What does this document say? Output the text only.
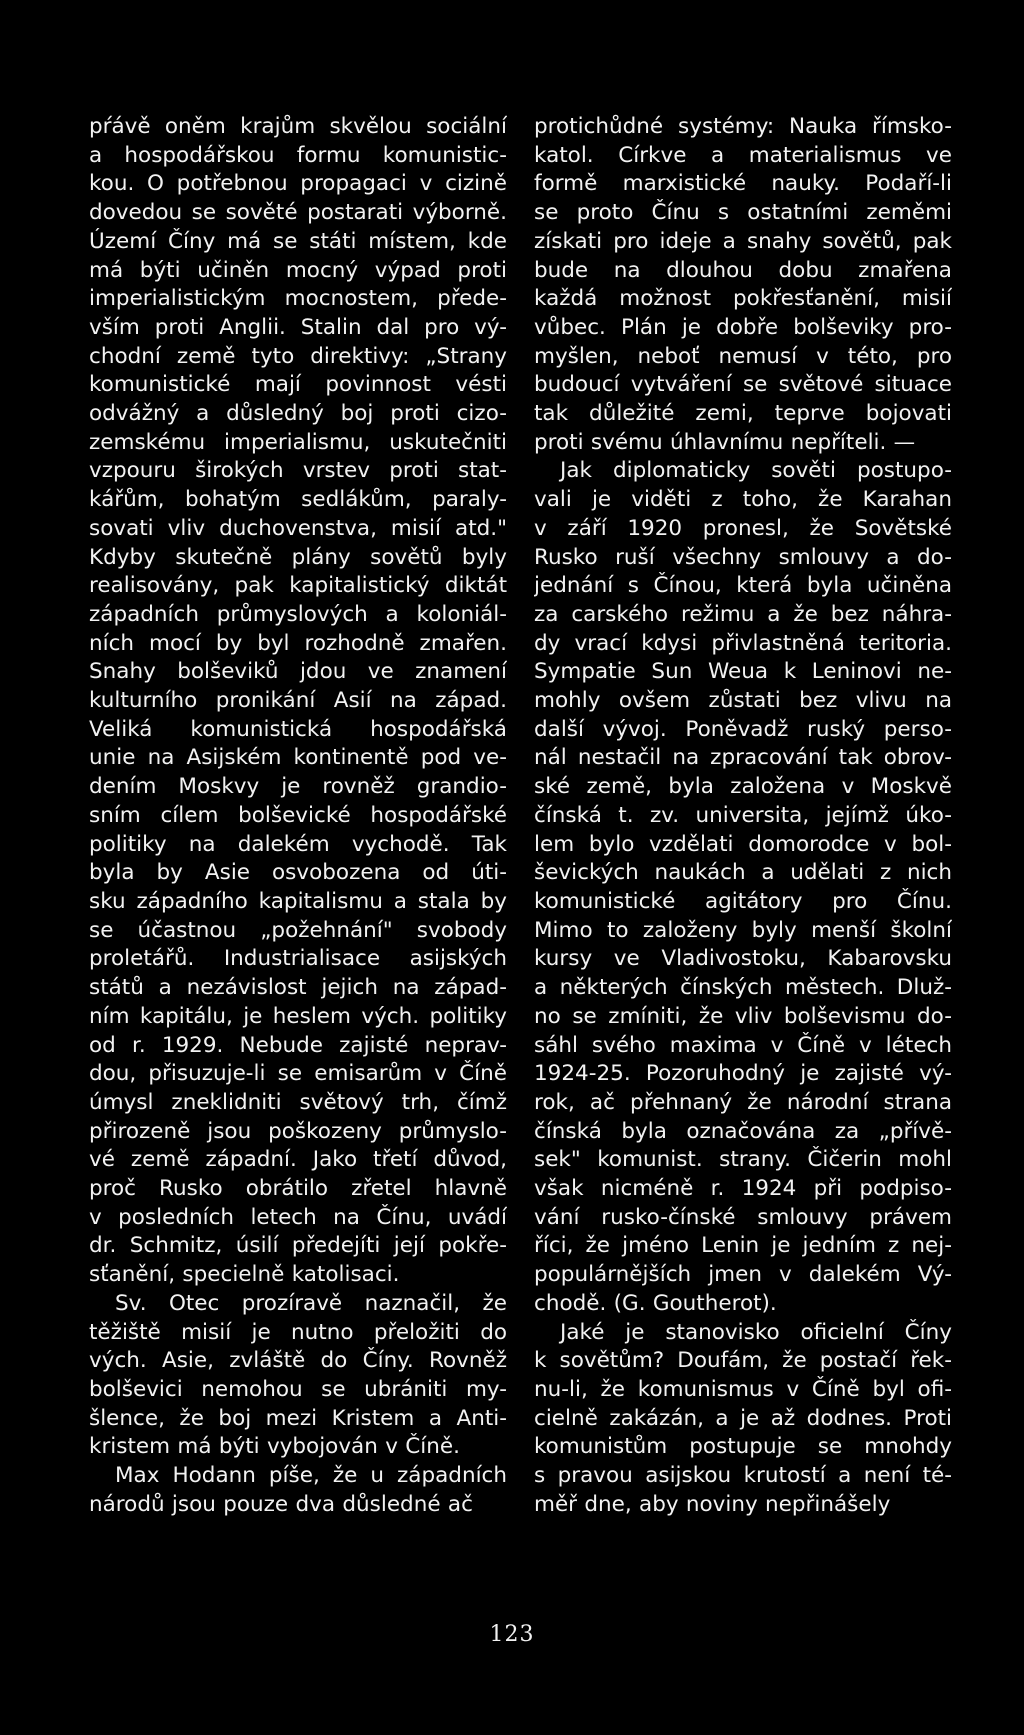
pŕávě oněm krajům skvělou sociální
a hospodářskou formu komunistic-
kou. O potřebnou propagaci v cizině
dovedou se sověté postarati výborně.
Území Číny má se státi místem, kde
má býti učiněn mocný výpad proti
imperialistickým mocnostem, přede-
vším proti Anglii. Stalin dal pro vý-
chodní země tyto direktivy: „Strany
komunistické mají povinnost vésti
odvážný a důsledný boj proti cizo-
zemskému imperialismu, uskutečniti
vzpouru širokých vrstev proti stat-
kářům, bohatým sedlákům, paraly-
sovati vliv duchovenstva, misií atd."
Kdyby skutečně plány sovětů byly
realisovány, pak kapitalistický diktát
západních průmyslových a koloniál-
ních mocí by byl rozhodně zmařen.
Snahy bolševiků jdou ve znamení
kulturního pronikání Asií na západ.
Veliká komunistická hospodářská
unie na Asijském kontinentě pod ve-
dením Moskvy je rovněž grandio-
sním cílem bolševické hospodářské
politiky na dalekém vychodě. Tak
byla by Asie osvobozena od úti-
sku západního kapitalismu a stala by
se účastnou „požehnání" svobody
proletářů. Industrialisace asijských
států a nezávislost jejich na západ-
ním kapitálu, je heslem vých. politiky
od r. 1929. Nebude zajisté neprav-
dou, přisuzuje-li se emisarům v Číně
úmysl zneklidniti světový trh, čímž
přirozeně jsou poškozeny průmyslo-
vé země západní. Jako třetí důvod,
proč Rusko obrátilo zřetel hlavně
v posledních letech na Čínu, uvádí
dr. Schmitz, úsilí předejíti její pokře-
sťanění, specielně katolisaci.
Sv. Otec prozíravě naznačil, že
těžiště misií je nutno přeložiti do
vých. Asie, zvláště do Číny. Rovněž
bolševici nemohou se ubrániti my-
šlence, že boj mezi Kristem a Anti-
kristem má býti vybojován v Číně.
Max Hodann píše, že u západních
národů jsou pouze dva důsledné ač
protichůdné systémy: Nauka římsko-
katol. Církve a materialismus ve
formě marxistické nauky. Podaří-li
se proto Čínu s ostatními zeměmi
získati pro ideje a snahy sovětů, pak
bude na dlouhou dobu zmařena
každá možnost pokřesťanění, misií
vůbec. Plán je dobře bolševiky pro-
myšlen, neboť nemusí v této, pro
budoucí vytváření se světové situace
tak důležité zemi, teprve bojovati
proti svému úhlavnímu nepříteli. —
Jak diplomaticky sověti postupo-
vali je viděti z toho, že Karahan
v září 1920 pronesl, že Sovětské
Rusko ruší všechny smlouvy a do-
jednání s Čínou, která byla učiněna
za carského režimu a že bez náhra-
dy vrací kdysi přivlastněná teritoria.
Sympatie Sun Weua k Leninovi ne-
mohly ovšem zůstati bez vlivu na
další vývoj. Poněvadž ruský perso-
nál nestačil na zpracování tak obrov-
ské země, byla založena v Moskvě
čínská t. zv. universita, jejímž úko-
lem bylo vzdělati domorodce v bol-
ševických naukách a udělati z nich
komunistické agitátory pro Čínu.
Mimo to založeny byly menší školní
kursy ve Vladivostoku, Kabarovsku
a některých čínských městech. Dluž-
no se zmíniti, že vliv bolševismu do-
sáhl svého maxima v Číně v létech
1924-25. Pozoruhodný je zajisté vý-
rok, ač přehnaný že národní strana
čínská byla označována za „přívě-
sek" komunist. strany. Čičerin mohl
však nicméně r. 1924 při podpiso-
vání rusko-čínské smlouvy právem
říci, že jméno Lenin je jedním z nej-
populárnějších jmen v dalekém Vý-
chodě. (G. Goutherot).
Jaké je stanovisko oficielní Číny
k sovětům? Doufám, že postačí řek-
nu-li, že komunismus v Číně byl ofi-
cielně zakázán, a je až dodnes. Proti
komunistům postupuje se mnohdy
s pravou asijskou krutostí a není té-
měř dne, aby noviny nepřinášely
123
